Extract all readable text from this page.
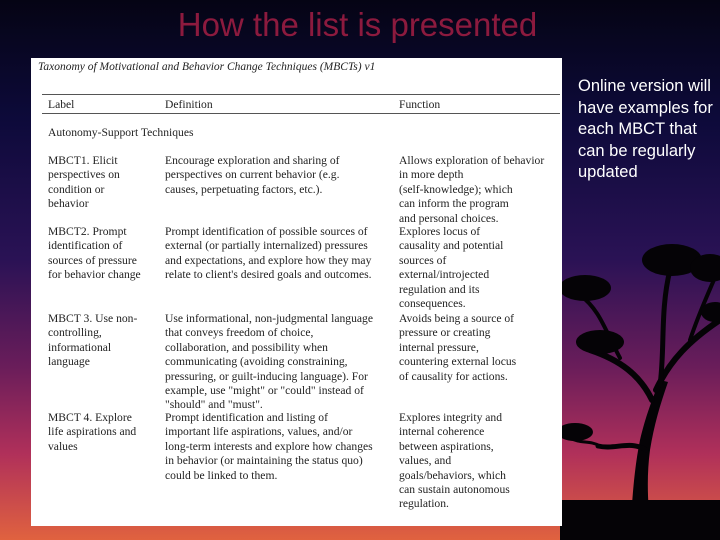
How the list is presented
Taxonomy of Motivational and Behavior Change Techniques (MBCTs) v1
Label	Definition	Function
Autonomy-Support Techniques
MBCT1. Elicit
perspectives on
condition or
behavior
Encourage exploration and sharing of
perspectives on current behavior (e.g.
causes, perpetuating factors, etc.).
Allows exploration of behavior
in more depth
(self-knowledge); which
can inform the program
and personal choices.
MBCT2. Prompt
identification of
sources of pressure
for behavior change
Prompt identification of possible sources of
external (or partially internalized) pressures
and expectations, and explore how they may
relate to client's desired goals and outcomes.
Explores locus of
causality and potential
sources of
external/introjected
regulation and its
consequences.
MBCT 3. Use non-
controlling,
informational
language
Use informational, non-judgmental language
that conveys freedom of choice,
collaboration, and possibility when
communicating (avoiding constraining,
pressuring, or guilt-inducing language). For
example, use "might" or "could" instead of
"should" and "must".
Avoids being a source of
pressure or creating
internal pressure,
countering external locus
of causality for actions.
MBCT 4. Explore
life aspirations and
values
Prompt identification and listing of
important life aspirations, values, and/or
long-term interests and explore how changes
in behavior (or maintaining the status quo)
could be linked to them.
Explores integrity and
internal coherence
between aspirations,
values, and
goals/behaviors, which
can sustain autonomous
regulation.
Online version will have examples for each MBCT that can be regularly updated
